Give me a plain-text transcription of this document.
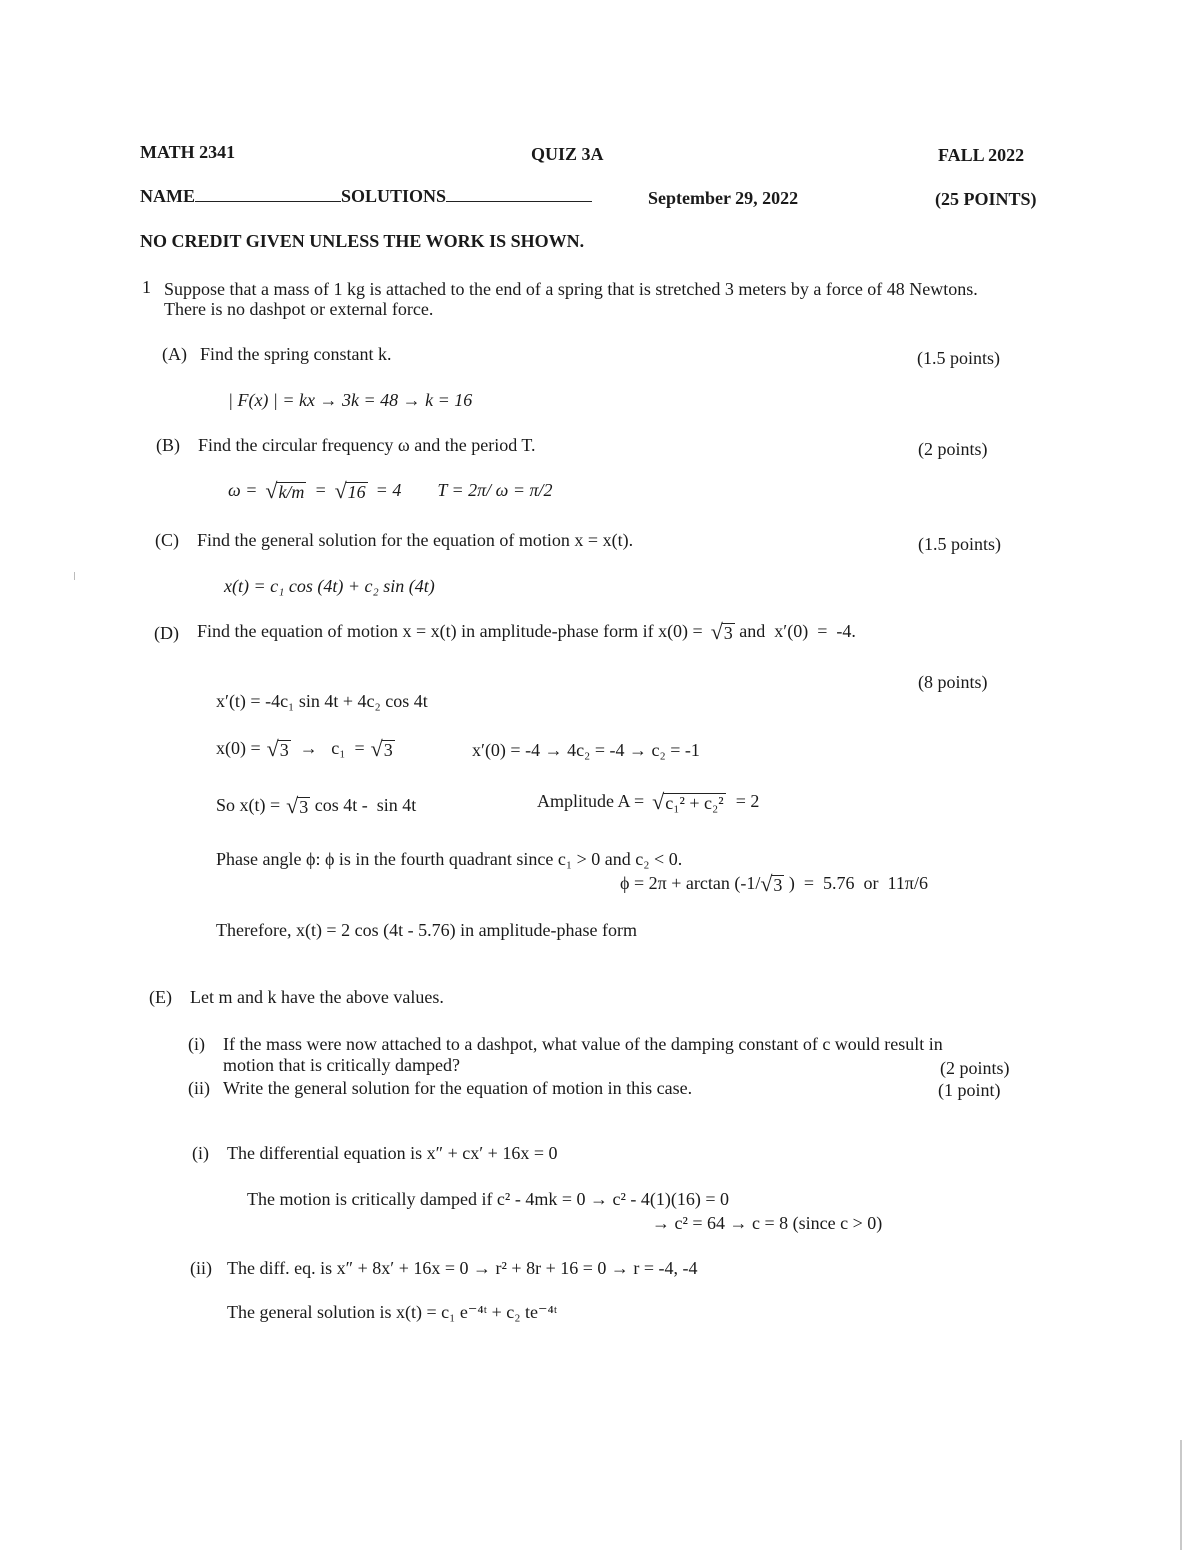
MATH 2341	QUIZ 3A	FALL 2022
NAME	SOLUTIONS	September 29, 2022	(25 POINTS)
NO CREDIT GIVEN UNLESS THE WORK IS SHOWN.
1 Suppose that a mass of 1 kg is attached to the end of a spring that is stretched 3 meters by a force of 48 Newtons.
There is no dashpot or external force.
(A) Find the spring constant k.	(1.5 points)
| F(x) | = kx → 3k = 48 → k = 16
(B) Find the circular frequency ω and the period T.	(2 points)
ω = √ k/m = √ 16 = 4 T = 2π/ ω = π/2
(C) Find the general solution for the equation of motion x = x(t).	(1.5 points)
x(t) = c₁ cos (4t) + c₂ sin (4t)
(D) Find the equation of motion x = x(t) in amplitude-phase form if x(0) = √ 3 and  x′(0)  =  -4.
(8 points)
x′(t) = -4c₁ sin 4t + 4c₂ cos 4t
x(0) = √ 3 →   c₁  = √ 3	x′(0) = -4 → 4c₂ = -4 → c₂ = -1
So x(t) = √ 3 cos 4t -  sin 4t	Amplitude A = √ c₁² + c₂² = 2
Phase angle ϕ: ϕ is in the fourth quadrant since c₁ > 0 and c₂ < 0.
ϕ = 2π + arctan (-1/ √ 3 )  =  5.76  or  11π/6
Therefore, x(t) = 2 cos (4t - 5.76) in amplitude-phase form
(E) Let m and k have the above values.
(i) If the mass were now attached to a dashpot, what value of the damping constant of c would result in
motion that is critically damped?	(2 points)
(ii) Write the general solution for the equation of motion in this case.	(1 point)
(i) The differential equation is x″ + cx′ + 16x = 0
The motion is critically damped if c² - 4mk = 0 → c² - 4(1)(16) = 0
→ c² = 64 → c = 8 (since c > 0)
(ii) The diff. eq. is x″ + 8x′ + 16x = 0 → r² + 8r + 16 = 0 → r = -4, -4
The general solution is x(t) = c₁ e⁻⁴ᵗ + c₂ te⁻⁴ᵗ
